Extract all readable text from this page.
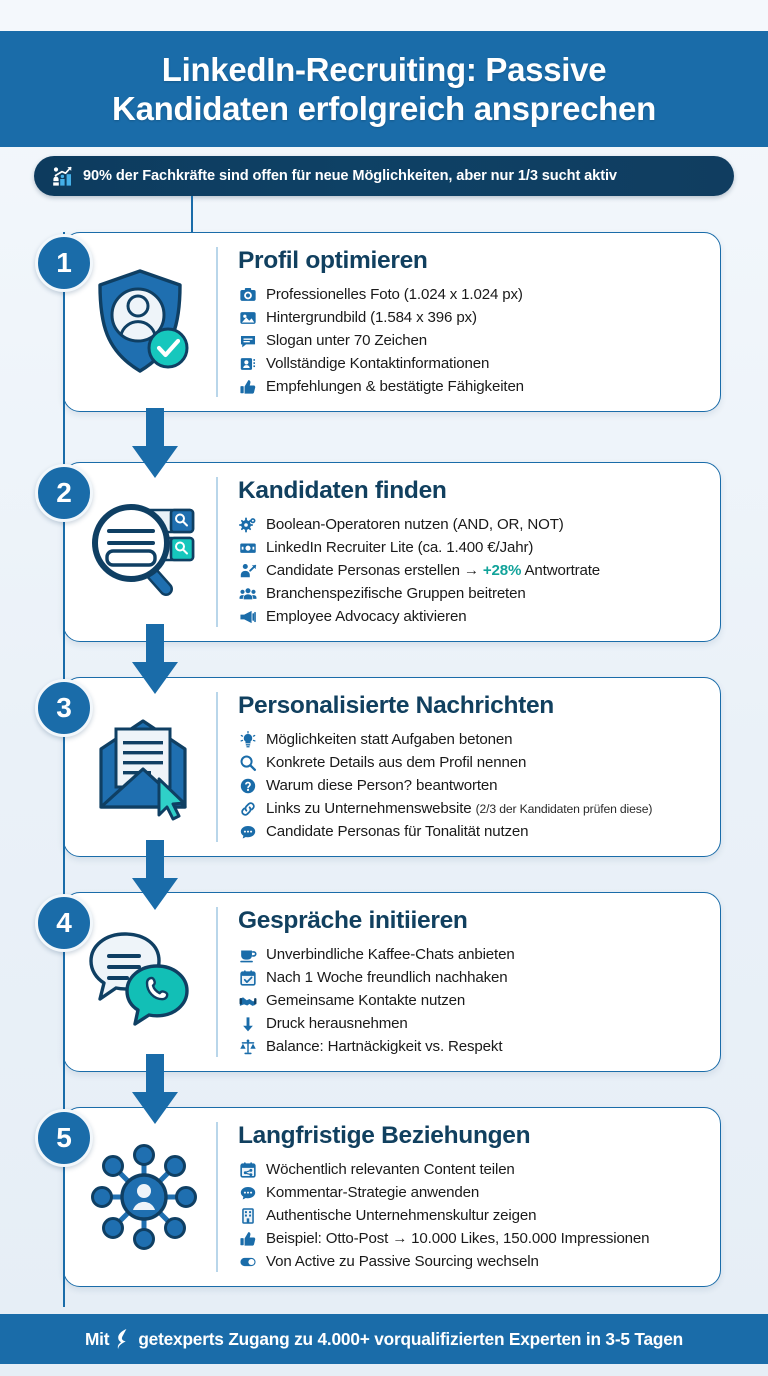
LinkedIn-Recruiting: Passive
Kandidaten erfolgreich ansprechen
90% der Fachkräfte sind offen für neue Möglichkeiten, aber nur 1/3 sucht aktiv
Profil optimieren
Professionelles Foto (1.024 x 1.024 px)
Hintergrundbild (1.584 x 396 px)
Slogan unter 70 Zeichen
Vollständige Kontaktinformationen
Empfehlungen & bestätigte Fähigkeiten
1
Kandidaten finden
Boolean-Operatoren nutzen (AND, OR, NOT)
LinkedIn Recruiter Lite (ca. 1.400 €/Jahr)
Candidate Personas erstellen → +28% Antwortrate
Branchenspezifische Gruppen beitreten
Employee Advocacy aktivieren
2
Personalisierte Nachrichten
Möglichkeiten statt Aufgaben betonen
Konkrete Details aus dem Profil nennen
Warum diese Person? beantworten
Links zu Unternehmenswebsite (2/3 der Kandidaten prüfen diese)
Candidate Personas für Tonalität nutzen
3
Gespräche initiieren
Unverbindliche Kaffee-Chats anbieten
Nach 1 Woche freundlich nachhaken
Gemeinsame Kontakte nutzen
Druck herausnehmen
Balance: Hartnäckigkeit vs. Respekt
4
Langfristige Beziehungen
Wöchentlich relevanten Content teilen
Kommentar-Strategie anwenden
Authentische Unternehmenskultur zeigen
Beispiel: Otto-Post → 10.000 Likes, 150.000 Impressionen
Von Active zu Passive Sourcing wechseln
5
Mit getexperts Zugang zu 4.000+ vorqualifizierten Experten in 3-5 Tagen
